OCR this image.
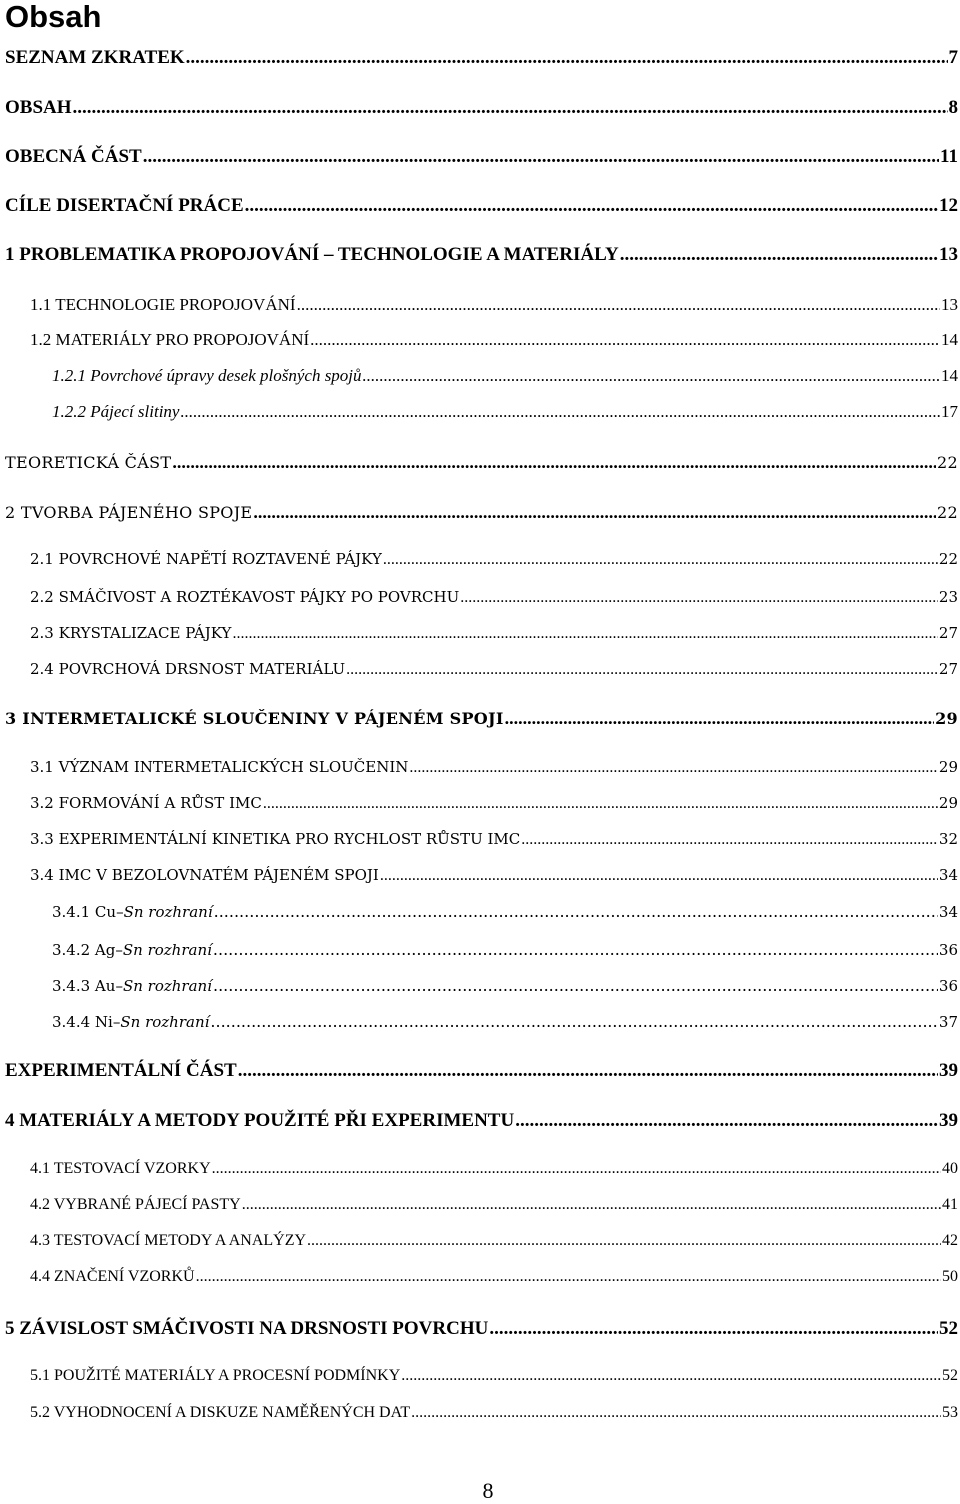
Obsah
SEZNAM ZKRATEK .....	7
OBSAH .....	8
OBECNÁ ČÁST .....	11
CÍLE DISERTAČNÍ PRÁCE .....	12
1 PROBLEMATIKA PROPOJOVÁNÍ – TECHNOLOGIE A MATERIÁLY .....	13
1.1 TECHNOLOGIE PROPOJOVÁNÍ .....	13
1.2 MATERIÁLY PRO PROPOJOVÁNÍ .....	14
1.2.1 Povrchové úpravy desek plošných spojů .....	14
1.2.2 Pájecí slitiny .....	17
TEORETICKÁ ČÁST .....	22
2 TVORBA PÁJENÉHO SPOJE .....	22
2.1 POVRCHOVÉ NAPĚTÍ ROZTAVENÉ PÁJKY .....	22
2.2 SMÁČIVOST A ROZTÉKAVOST PÁJKY PO POVRCHU .....	23
2.3 KRYSTALIZACE PÁJKY .....	27
2.4 POVRCHOVÁ DRSNOST MATERIÁLU .....	27
3 INTERMETALICKÉ SLOUČENINY V PÁJENÉM SPOJI .....	29
3.1 VÝZNAM INTERMETALICKÝCH SLOUČENIN .....	29
3.2 FORMOVÁNÍ A RŮST IMC .....	29
3.3 EXPERIMENTÁLNÍ KINETIKA PRO RYCHLOST RŮSTU IMC .....	32
3.4 IMC V BEZOLOVNATÉM PÁJENÉM SPOJI .....	34
3.4.1 Cu–Sn rozhraní .....	34
3.4.2 Ag–Sn rozhraní .....	36
3.4.3 Au–Sn rozhraní .....	36
3.4.4 Ni–Sn rozhraní .....	37
EXPERIMENTÁLNÍ ČÁST .....	39
4 MATERIÁLY A METODY POUŽITÉ PŘI EXPERIMENTU .....	39
4.1 TESTOVACÍ VZORKY .....	40
4.2 VYBRANÉ PÁJECÍ PASTY .....	41
4.3 TESTOVACÍ METODY A ANALÝZY .....	42
4.4 ZNAČENÍ VZORKŮ .....	50
5 ZÁVISLOST SMÁČIVOSTI NA DRSNOSTI POVRCHU .....	52
5.1 POUŽITÉ MATERIÁLY A PROCESNÍ PODMÍNKY .....	52
5.2 VYHODNOCENÍ A DISKUZE NAMĚŘENÝCH DAT .....	53
8
